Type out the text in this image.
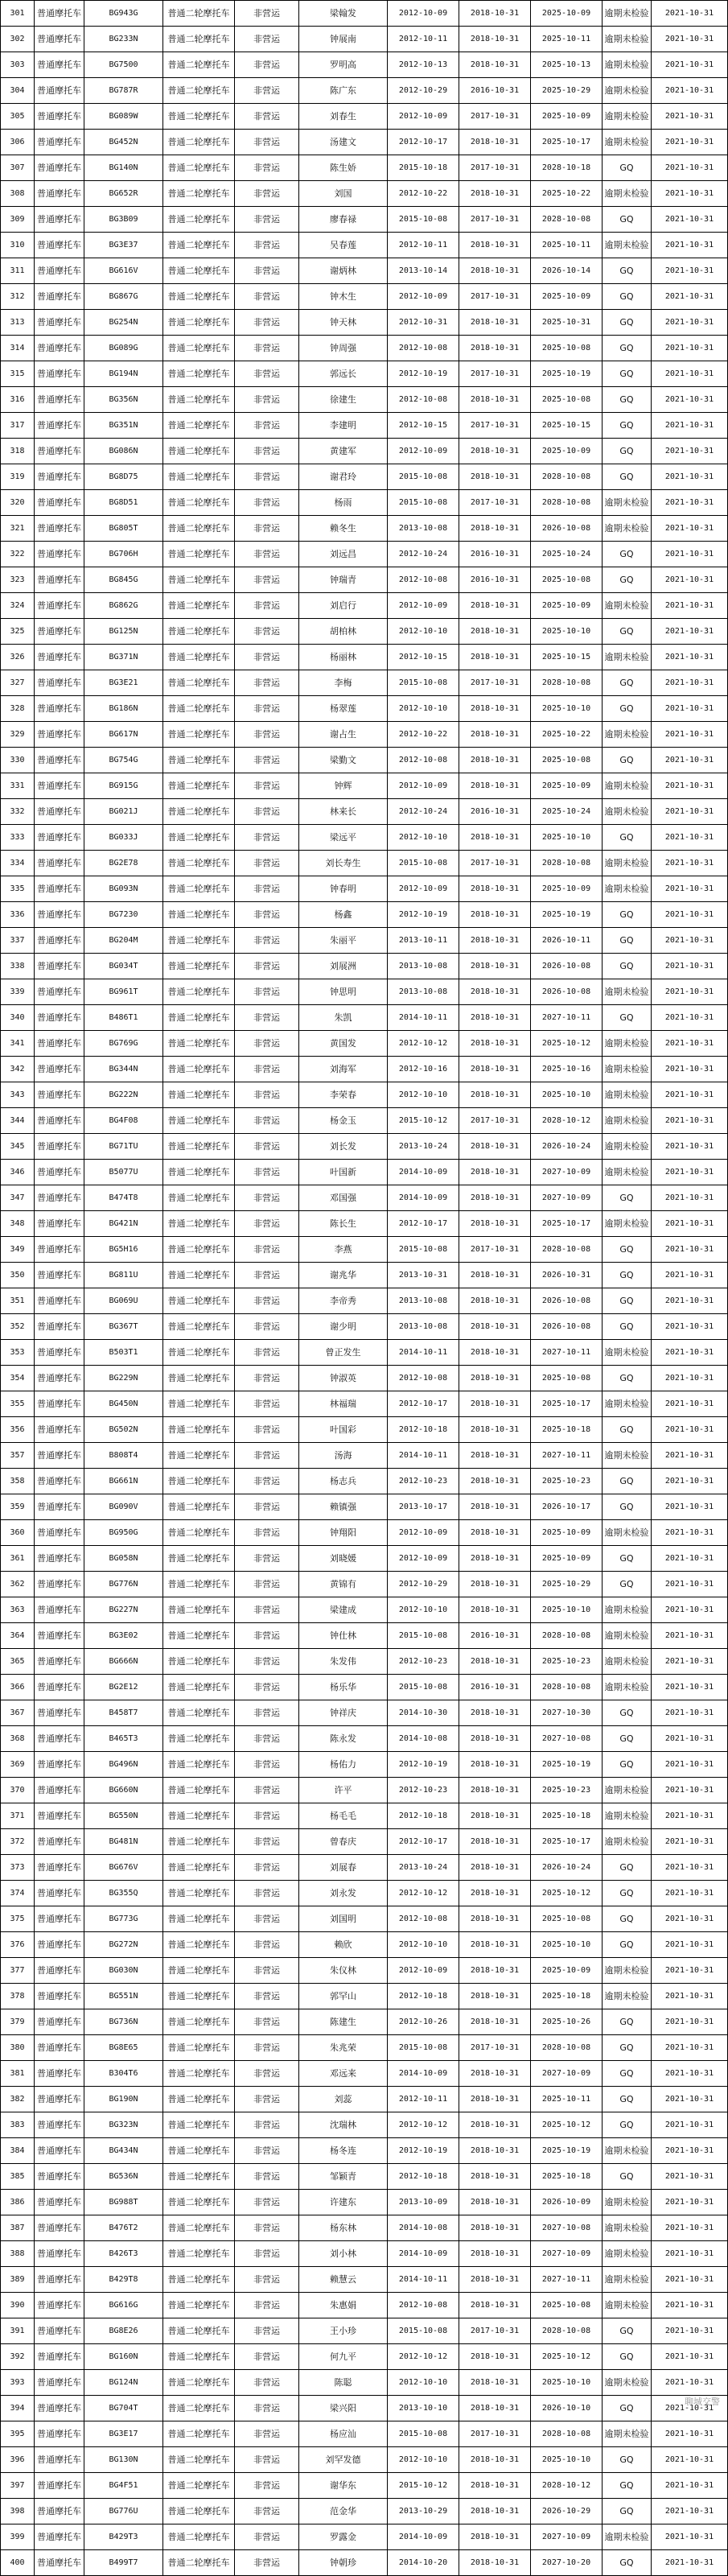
301	普通摩托车	BG943G	普通二轮摩托车	非营运	梁翰发	2012-10-09	2018-10-31	2025-10-09	逾期未检验	2021-10-31
302	普通摩托车	BG233N	普通二轮摩托车	非营运	钟展南	2012-10-11	2018-10-31	2025-10-11	逾期未检验	2021-10-31
303	普通摩托车	BG7500	普通二轮摩托车	非营运	罗明高	2012-10-13	2018-10-31	2025-10-13	逾期未检验	2021-10-31
304	普通摩托车	BG787R	普通二轮摩托车	非营运	陈广东	2012-10-29	2016-10-31	2025-10-29	逾期未检验	2021-10-31
305	普通摩托车	BG089W	普通二轮摩托车	非营运	刘春生	2012-10-09	2017-10-31	2025-10-09	逾期未检验	2021-10-31
306	普通摩托车	BG452N	普通二轮摩托车	非营运	汤建文	2012-10-17	2018-10-31	2025-10-17	逾期未检验	2021-10-31
307	普通摩托车	BG140N	普通二轮摩托车	非营运	陈生娇	2015-10-18	2017-10-31	2028-10-18	GQ	2021-10-31
308	普通摩托车	BG652R	普通二轮摩托车	非营运	刘国	2012-10-22	2018-10-31	2025-10-22	逾期未检验	2021-10-31
309	普通摩托车	BG3B09	普通二轮摩托车	非营运	廖春禄	2015-10-08	2017-10-31	2028-10-08	GQ	2021-10-31
310	普通摩托车	BG3E37	普通二轮摩托车	非营运	吴春莲	2012-10-11	2018-10-31	2025-10-11	逾期未检验	2021-10-31
311	普通摩托车	BG616V	普通二轮摩托车	非营运	谢炳林	2013-10-14	2018-10-31	2026-10-14	GQ	2021-10-31
312	普通摩托车	BG867G	普通二轮摩托车	非营运	钟木生	2012-10-09	2017-10-31	2025-10-09	GQ	2021-10-31
313	普通摩托车	BG254N	普通二轮摩托车	非营运	钟天林	2012-10-31	2018-10-31	2025-10-31	GQ	2021-10-31
314	普通摩托车	BG089G	普通二轮摩托车	非营运	钟周强	2012-10-08	2018-10-31	2025-10-08	GQ	2021-10-31
315	普通摩托车	BG194N	普通二轮摩托车	非营运	郭远长	2012-10-19	2017-10-31	2025-10-19	GQ	2021-10-31
316	普通摩托车	BG356N	普通二轮摩托车	非营运	徐建生	2012-10-08	2018-10-31	2025-10-08	GQ	2021-10-31
317	普通摩托车	BG351N	普通二轮摩托车	非营运	李建明	2012-10-15	2017-10-31	2025-10-15	GQ	2021-10-31
318	普通摩托车	BG086N	普通二轮摩托车	非营运	黄建军	2012-10-09	2018-10-31	2025-10-09	GQ	2021-10-31
319	普通摩托车	BG8D75	普通二轮摩托车	非营运	谢君玲	2015-10-08	2018-10-31	2028-10-08	GQ	2021-10-31
320	普通摩托车	BG8D51	普通二轮摩托车	非营运	杨雨	2015-10-08	2017-10-31	2028-10-08	逾期未检验	2021-10-31
321	普通摩托车	BG805T	普通二轮摩托车	非营运	赖冬生	2013-10-08	2018-10-31	2026-10-08	逾期未检验	2021-10-31
322	普通摩托车	BG706H	普通二轮摩托车	非营运	刘远昌	2012-10-24	2016-10-31	2025-10-24	GQ	2021-10-31
323	普通摩托车	BG845G	普通二轮摩托车	非营运	钟瑞青	2012-10-08	2016-10-31	2025-10-08	GQ	2021-10-31
324	普通摩托车	BG862G	普通二轮摩托车	非营运	刘启行	2012-10-09	2018-10-31	2025-10-09	逾期未检验	2021-10-31
325	普通摩托车	BG125N	普通二轮摩托车	非营运	胡柏林	2012-10-10	2018-10-31	2025-10-10	GQ	2021-10-31
326	普通摩托车	BG371N	普通二轮摩托车	非营运	杨丽林	2012-10-15	2018-10-31	2025-10-15	逾期未检验	2021-10-31
327	普通摩托车	BG3E21	普通二轮摩托车	非营运	李梅	2015-10-08	2017-10-31	2028-10-08	GQ	2021-10-31
328	普通摩托车	BG186N	普通二轮摩托车	非营运	杨翠莲	2012-10-10	2018-10-31	2025-10-10	GQ	2021-10-31
329	普通摩托车	BG617N	普通二轮摩托车	非营运	谢占生	2012-10-22	2018-10-31	2025-10-22	逾期未检验	2021-10-31
330	普通摩托车	BG754G	普通二轮摩托车	非营运	梁勤文	2012-10-08	2018-10-31	2025-10-08	GQ	2021-10-31
331	普通摩托车	BG915G	普通二轮摩托车	非营运	钟辉	2012-10-09	2018-10-31	2025-10-09	逾期未检验	2021-10-31
332	普通摩托车	BG021J	普通二轮摩托车	非营运	林来长	2012-10-24	2016-10-31	2025-10-24	逾期未检验	2021-10-31
333	普通摩托车	BG033J	普通二轮摩托车	非营运	梁远平	2012-10-10	2018-10-31	2025-10-10	GQ	2021-10-31
334	普通摩托车	BG2E78	普通二轮摩托车	非营运	刘长寿生	2015-10-08	2017-10-31	2028-10-08	逾期未检验	2021-10-31
335	普通摩托车	BG093N	普通二轮摩托车	非营运	钟春明	2012-10-09	2018-10-31	2025-10-09	逾期未检验	2021-10-31
336	普通摩托车	BG7230	普通二轮摩托车	非营运	杨鑫	2012-10-19	2018-10-31	2025-10-19	GQ	2021-10-31
337	普通摩托车	BG204M	普通二轮摩托车	非营运	朱丽平	2013-10-11	2018-10-31	2026-10-11	GQ	2021-10-31
338	普通摩托车	BG034T	普通二轮摩托车	非营运	刘展洲	2013-10-08	2018-10-31	2026-10-08	GQ	2021-10-31
339	普通摩托车	BG961T	普通二轮摩托车	非营运	钟思明	2013-10-08	2018-10-31	2026-10-08	逾期未检验	2021-10-31
340	普通摩托车	B486T1	普通二轮摩托车	非营运	朱凯	2014-10-11	2018-10-31	2027-10-11	GQ	2021-10-31
341	普通摩托车	BG769G	普通二轮摩托车	非营运	黄国发	2012-10-12	2018-10-31	2025-10-12	逾期未检验	2021-10-31
342	普通摩托车	BG344N	普通二轮摩托车	非营运	刘海军	2012-10-16	2018-10-31	2025-10-16	逾期未检验	2021-10-31
343	普通摩托车	BG222N	普通二轮摩托车	非营运	李荣春	2012-10-10	2018-10-31	2025-10-10	逾期未检验	2021-10-31
344	普通摩托车	BG4F08	普通二轮摩托车	非营运	杨金玉	2015-10-12	2017-10-31	2028-10-12	逾期未检验	2021-10-31
345	普通摩托车	BG71TU	普通二轮摩托车	非营运	刘长发	2013-10-24	2018-10-31	2026-10-24	逾期未检验	2021-10-31
346	普通摩托车	B5077U	普通二轮摩托车	非营运	叶国新	2014-10-09	2018-10-31	2027-10-09	逾期未检验	2021-10-31
347	普通摩托车	B474T8	普通二轮摩托车	非营运	邓国强	2014-10-09	2018-10-31	2027-10-09	GQ	2021-10-31
348	普通摩托车	BG421N	普通二轮摩托车	非营运	陈长生	2012-10-17	2018-10-31	2025-10-17	逾期未检验	2021-10-31
349	普通摩托车	BG5H16	普通二轮摩托车	非营运	李燕	2015-10-08	2017-10-31	2028-10-08	GQ	2021-10-31
350	普通摩托车	BG811U	普通二轮摩托车	非营运	谢兆华	2013-10-31	2018-10-31	2026-10-31	GQ	2021-10-31
351	普通摩托车	BG069U	普通二轮摩托车	非营运	李帝秀	2013-10-08	2018-10-31	2026-10-08	GQ	2021-10-31
352	普通摩托车	BG367T	普通二轮摩托车	非营运	谢少明	2013-10-08	2018-10-31	2026-10-08	GQ	2021-10-31
353	普通摩托车	B503T1	普通二轮摩托车	非营运	曾正发生	2014-10-11	2018-10-31	2027-10-11	逾期未检验	2021-10-31
354	普通摩托车	BG229N	普通二轮摩托车	非营运	钟淑英	2012-10-08	2018-10-31	2025-10-08	GQ	2021-10-31
355	普通摩托车	BG450N	普通二轮摩托车	非营运	林福瑞	2012-10-17	2018-10-31	2025-10-17	逾期未检验	2021-10-31
356	普通摩托车	BG502N	普通二轮摩托车	非营运	叶国彩	2012-10-18	2018-10-31	2025-10-18	GQ	2021-10-31
357	普通摩托车	B808T4	普通二轮摩托车	非营运	汤海	2014-10-11	2018-10-31	2027-10-11	逾期未检验	2021-10-31
358	普通摩托车	BG661N	普通二轮摩托车	非营运	杨志兵	2012-10-23	2018-10-31	2025-10-23	GQ	2021-10-31
359	普通摩托车	BG090V	普通二轮摩托车	非营运	赖镇强	2013-10-17	2018-10-31	2026-10-17	GQ	2021-10-31
360	普通摩托车	BG950G	普通二轮摩托车	非营运	钟翔阳	2012-10-09	2018-10-31	2025-10-09	逾期未检验	2021-10-31
361	普通摩托车	BG058N	普通二轮摩托车	非营运	刘晓媛	2012-10-09	2018-10-31	2025-10-09	GQ	2021-10-31
362	普通摩托车	BG776N	普通二轮摩托车	非营运	黄锦有	2012-10-29	2018-10-31	2025-10-29	GQ	2021-10-31
363	普通摩托车	BG227N	普通二轮摩托车	非营运	梁建成	2012-10-10	2018-10-31	2025-10-10	逾期未检验	2021-10-31
364	普通摩托车	BG3E02	普通二轮摩托车	非营运	钟仕林	2015-10-08	2016-10-31	2028-10-08	逾期未检验	2021-10-31
365	普通摩托车	BG666N	普通二轮摩托车	非营运	朱发伟	2012-10-23	2018-10-31	2025-10-23	逾期未检验	2021-10-31
366	普通摩托车	BG2E12	普通二轮摩托车	非营运	杨乐华	2015-10-08	2016-10-31	2028-10-08	逾期未检验	2021-10-31
367	普通摩托车	B458T7	普通二轮摩托车	非营运	钟祥庆	2014-10-30	2018-10-31	2027-10-30	GQ	2021-10-31
368	普通摩托车	B465T3	普通二轮摩托车	非营运	陈永发	2014-10-08	2018-10-31	2027-10-08	GQ	2021-10-31
369	普通摩托车	BG496N	普通二轮摩托车	非营运	杨佑力	2012-10-19	2018-10-31	2025-10-19	GQ	2021-10-31
370	普通摩托车	BG660N	普通二轮摩托车	非营运	许平	2012-10-23	2018-10-31	2025-10-23	逾期未检验	2021-10-31
371	普通摩托车	BG550N	普通二轮摩托车	非营运	杨毛毛	2012-10-18	2018-10-31	2025-10-18	逾期未检验	2021-10-31
372	普通摩托车	BG481N	普通二轮摩托车	非营运	曾春庆	2012-10-17	2018-10-31	2025-10-17	逾期未检验	2021-10-31
373	普通摩托车	BG676V	普通二轮摩托车	非营运	刘展春	2013-10-24	2018-10-31	2026-10-24	GQ	2021-10-31
374	普通摩托车	BG355Q	普通二轮摩托车	非营运	刘永发	2012-10-12	2018-10-31	2025-10-12	GQ	2021-10-31
375	普通摩托车	BG773G	普通二轮摩托车	非营运	刘国明	2012-10-08	2018-10-31	2025-10-08	GQ	2021-10-31
376	普通摩托车	BG272N	普通二轮摩托车	非营运	赖欣	2012-10-10	2018-10-31	2025-10-10	GQ	2021-10-31
377	普通摩托车	BG030N	普通二轮摩托车	非营运	朱仪林	2012-10-09	2018-10-31	2025-10-09	逾期未检验	2021-10-31
378	普通摩托车	BG551N	普通二轮摩托车	非营运	郭罕山	2012-10-18	2018-10-31	2025-10-18	逾期未检验	2021-10-31
379	普通摩托车	BG736N	普通二轮摩托车	非营运	陈建生	2012-10-26	2018-10-31	2025-10-26	GQ	2021-10-31
380	普通摩托车	BG8E65	普通二轮摩托车	非营运	朱兆荣	2015-10-08	2017-10-31	2028-10-08	GQ	2021-10-31
381	普通摩托车	B304T6	普通二轮摩托车	非营运	邓远来	2014-10-09	2018-10-31	2027-10-09	GQ	2021-10-31
382	普通摩托车	BG190N	普通二轮摩托车	非营运	刘蕊	2012-10-11	2018-10-31	2025-10-11	GQ	2021-10-31
383	普通摩托车	BG323N	普通二轮摩托车	非营运	沈瑞林	2012-10-12	2018-10-31	2025-10-12	GQ	2021-10-31
384	普通摩托车	BG434N	普通二轮摩托车	非营运	杨冬连	2012-10-19	2018-10-31	2025-10-19	逾期未检验	2021-10-31
385	普通摩托车	BG536N	普通二轮摩托车	非营运	邹颖青	2012-10-18	2018-10-31	2025-10-18	GQ	2021-10-31
386	普通摩托车	BG988T	普通二轮摩托车	非营运	许建东	2013-10-09	2018-10-31	2026-10-09	逾期未检验	2021-10-31
387	普通摩托车	B476T2	普通二轮摩托车	非营运	杨东林	2014-10-08	2018-10-31	2027-10-08	逾期未检验	2021-10-31
388	普通摩托车	B426T3	普通二轮摩托车	非营运	刘小林	2014-10-09	2018-10-31	2027-10-09	逾期未检验	2021-10-31
389	普通摩托车	B429T8	普通二轮摩托车	非营运	赖慧云	2014-10-11	2018-10-31	2027-10-11	逾期未检验	2021-10-31
390	普通摩托车	BG616G	普通二轮摩托车	非营运	朱惠娟	2012-10-08	2018-10-31	2025-10-08	逾期未检验	2021-10-31
391	普通摩托车	BG8E26	普通二轮摩托车	非营运	王小珍	2015-10-08	2017-10-31	2028-10-08	GQ	2021-10-31
392	普通摩托车	BG160N	普通二轮摩托车	非营运	何九平	2012-10-12	2018-10-31	2025-10-12	GQ	2021-10-31
393	普通摩托车	BG124N	普通二轮摩托车	非营运	陈聪	2012-10-10	2018-10-31	2025-10-10	逾期未检验	2021-10-31
394	普通摩托车	BG704T	普通二轮摩托车	非营运	梁兴阳	2013-10-10	2018-10-31	2026-10-10	GQ	2021-10-31
395	普通摩托车	BG3E17	普通二轮摩托车	非营运	杨应汕	2015-10-08	2017-10-31	2028-10-08	逾期未检验	2021-10-31
396	普通摩托车	BG130N	普通二轮摩托车	非营运	刘罕发德	2012-10-10	2018-10-31	2025-10-10	GQ	2021-10-31
397	普通摩托车	BG4F51	普通二轮摩托车	非营运	谢华东	2015-10-12	2018-10-31	2028-10-12	GQ	2021-10-31
398	普通摩托车	BG776U	普通二轮摩托车	非营运	范金华	2013-10-29	2018-10-31	2026-10-29	GQ	2021-10-31
399	普通摩托车	B429T3	普通二轮摩托车	非营运	罗露金	2014-10-09	2018-10-31	2027-10-09	逾期未检验	2021-10-31
400	普通摩托车	B499T7	普通二轮摩托车	非营运	钟朝珍	2014-10-20	2018-10-31	2027-10-20	GQ	2021-10-31
聊城交警
